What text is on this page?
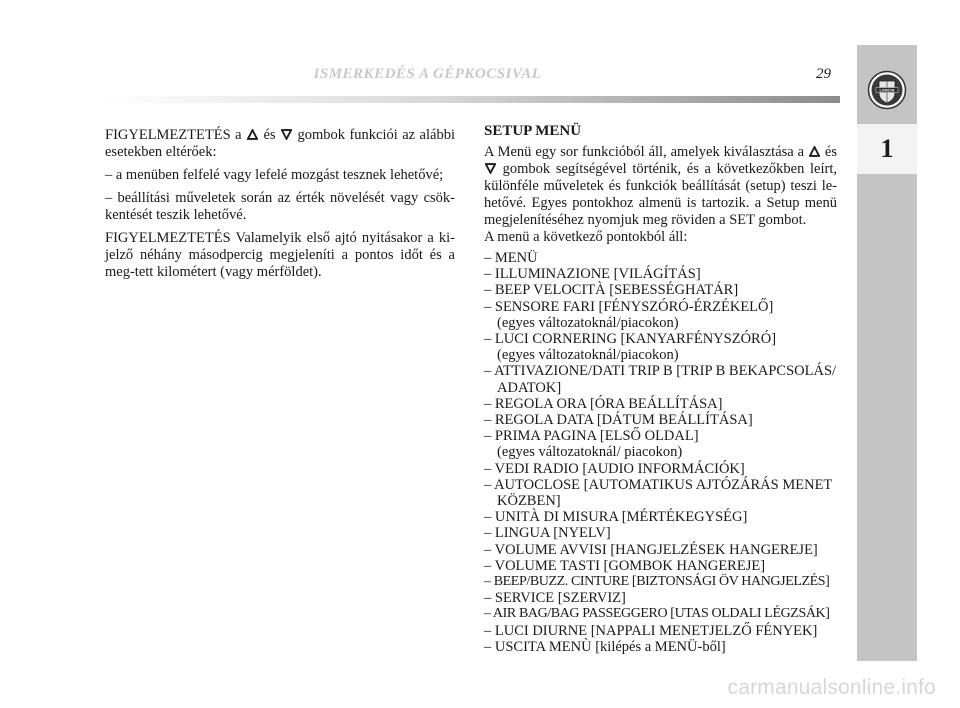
ISMERKEDÉS A GÉPKOCSIVAL	29
LANCIA
1

FIGYELMEZTETÉS a  és  gombok funkciói az alábbi esetekben eltérőek:

– a menüben felfelé vagy lefelé mozgást tesznek lehetővé;

– beállítási műveletek során az érték növelését vagy csök-kentését teszik lehetővé.

FIGYELMEZTETÉS Valamelyik első ajtó nyitásakor a ki-jelző néhány másodpercig megjeleníti a pontos időt és a meg-tett kilométert (vagy mérföldet).

SETUP MENÜ

A Menü egy sor funkcióból áll, amelyek kiválasztása a  és  gombok segítségével történik, és a következőkben leírt, különféle műveletek és funkciók beállítását (setup) teszi le-hetővé. Egyes pontokhoz almenü is tartozik. a Setup menü megjelenítéséhez nyomjuk meg röviden a SET gombot.

A menü a következő pontokból áll:

– MENÜ
– ILLUMINAZIONE [VILÁGÍTÁS]
– BEEP VELOCITÀ [SEBESSÉGHATÁR]
– SENSORE FARI [FÉNYSZÓRÓ-ÉRZÉKELŐ]
(egyes változatoknál/piacokon)
– LUCI CORNERING [KANYARFÉNYSZÓRÓ]
(egyes változatoknál/piacokon)
– ATTIVAZIONE/DATI TRIP B [TRIP B BEKAPCSOLÁS/ ADATOK]
– REGOLA ORA [ÓRA BEÁLLÍTÁSA]
– REGOLA DATA [DÁTUM BEÁLLÍTÁSA]
– PRIMA PAGINA [ELSŐ OLDAL]
(egyes változatoknál/ piacokon)
– VEDI RADIO [AUDIO INFORMÁCIÓK]
– AUTOCLOSE [AUTOMATIKUS AJTÓZÁRÁS MENET KÖZBEN]
– UNITÀ DI MISURA [MÉRTÉKEGYSÉG]
– LINGUA [NYELV]
– VOLUME AVVISI [HANGJELZÉSEK HANGEREJE]
– VOLUME TASTI [GOMBOK HANGEREJE]
– BEEP/BUZZ. CINTURE [BIZTONSÁGI ÖV HANGJELZÉS]
– SERVICE [SZERVIZ]
– AIR BAG/BAG PASSEGGERO [UTAS OLDALI LÉGZSÁK]
– LUCI DIURNE [NAPPALI MENETJELZŐ FÉNYEK]
– USCITA MENÙ [kilépés a MENÜ-ből]
carmanualsonline.info
